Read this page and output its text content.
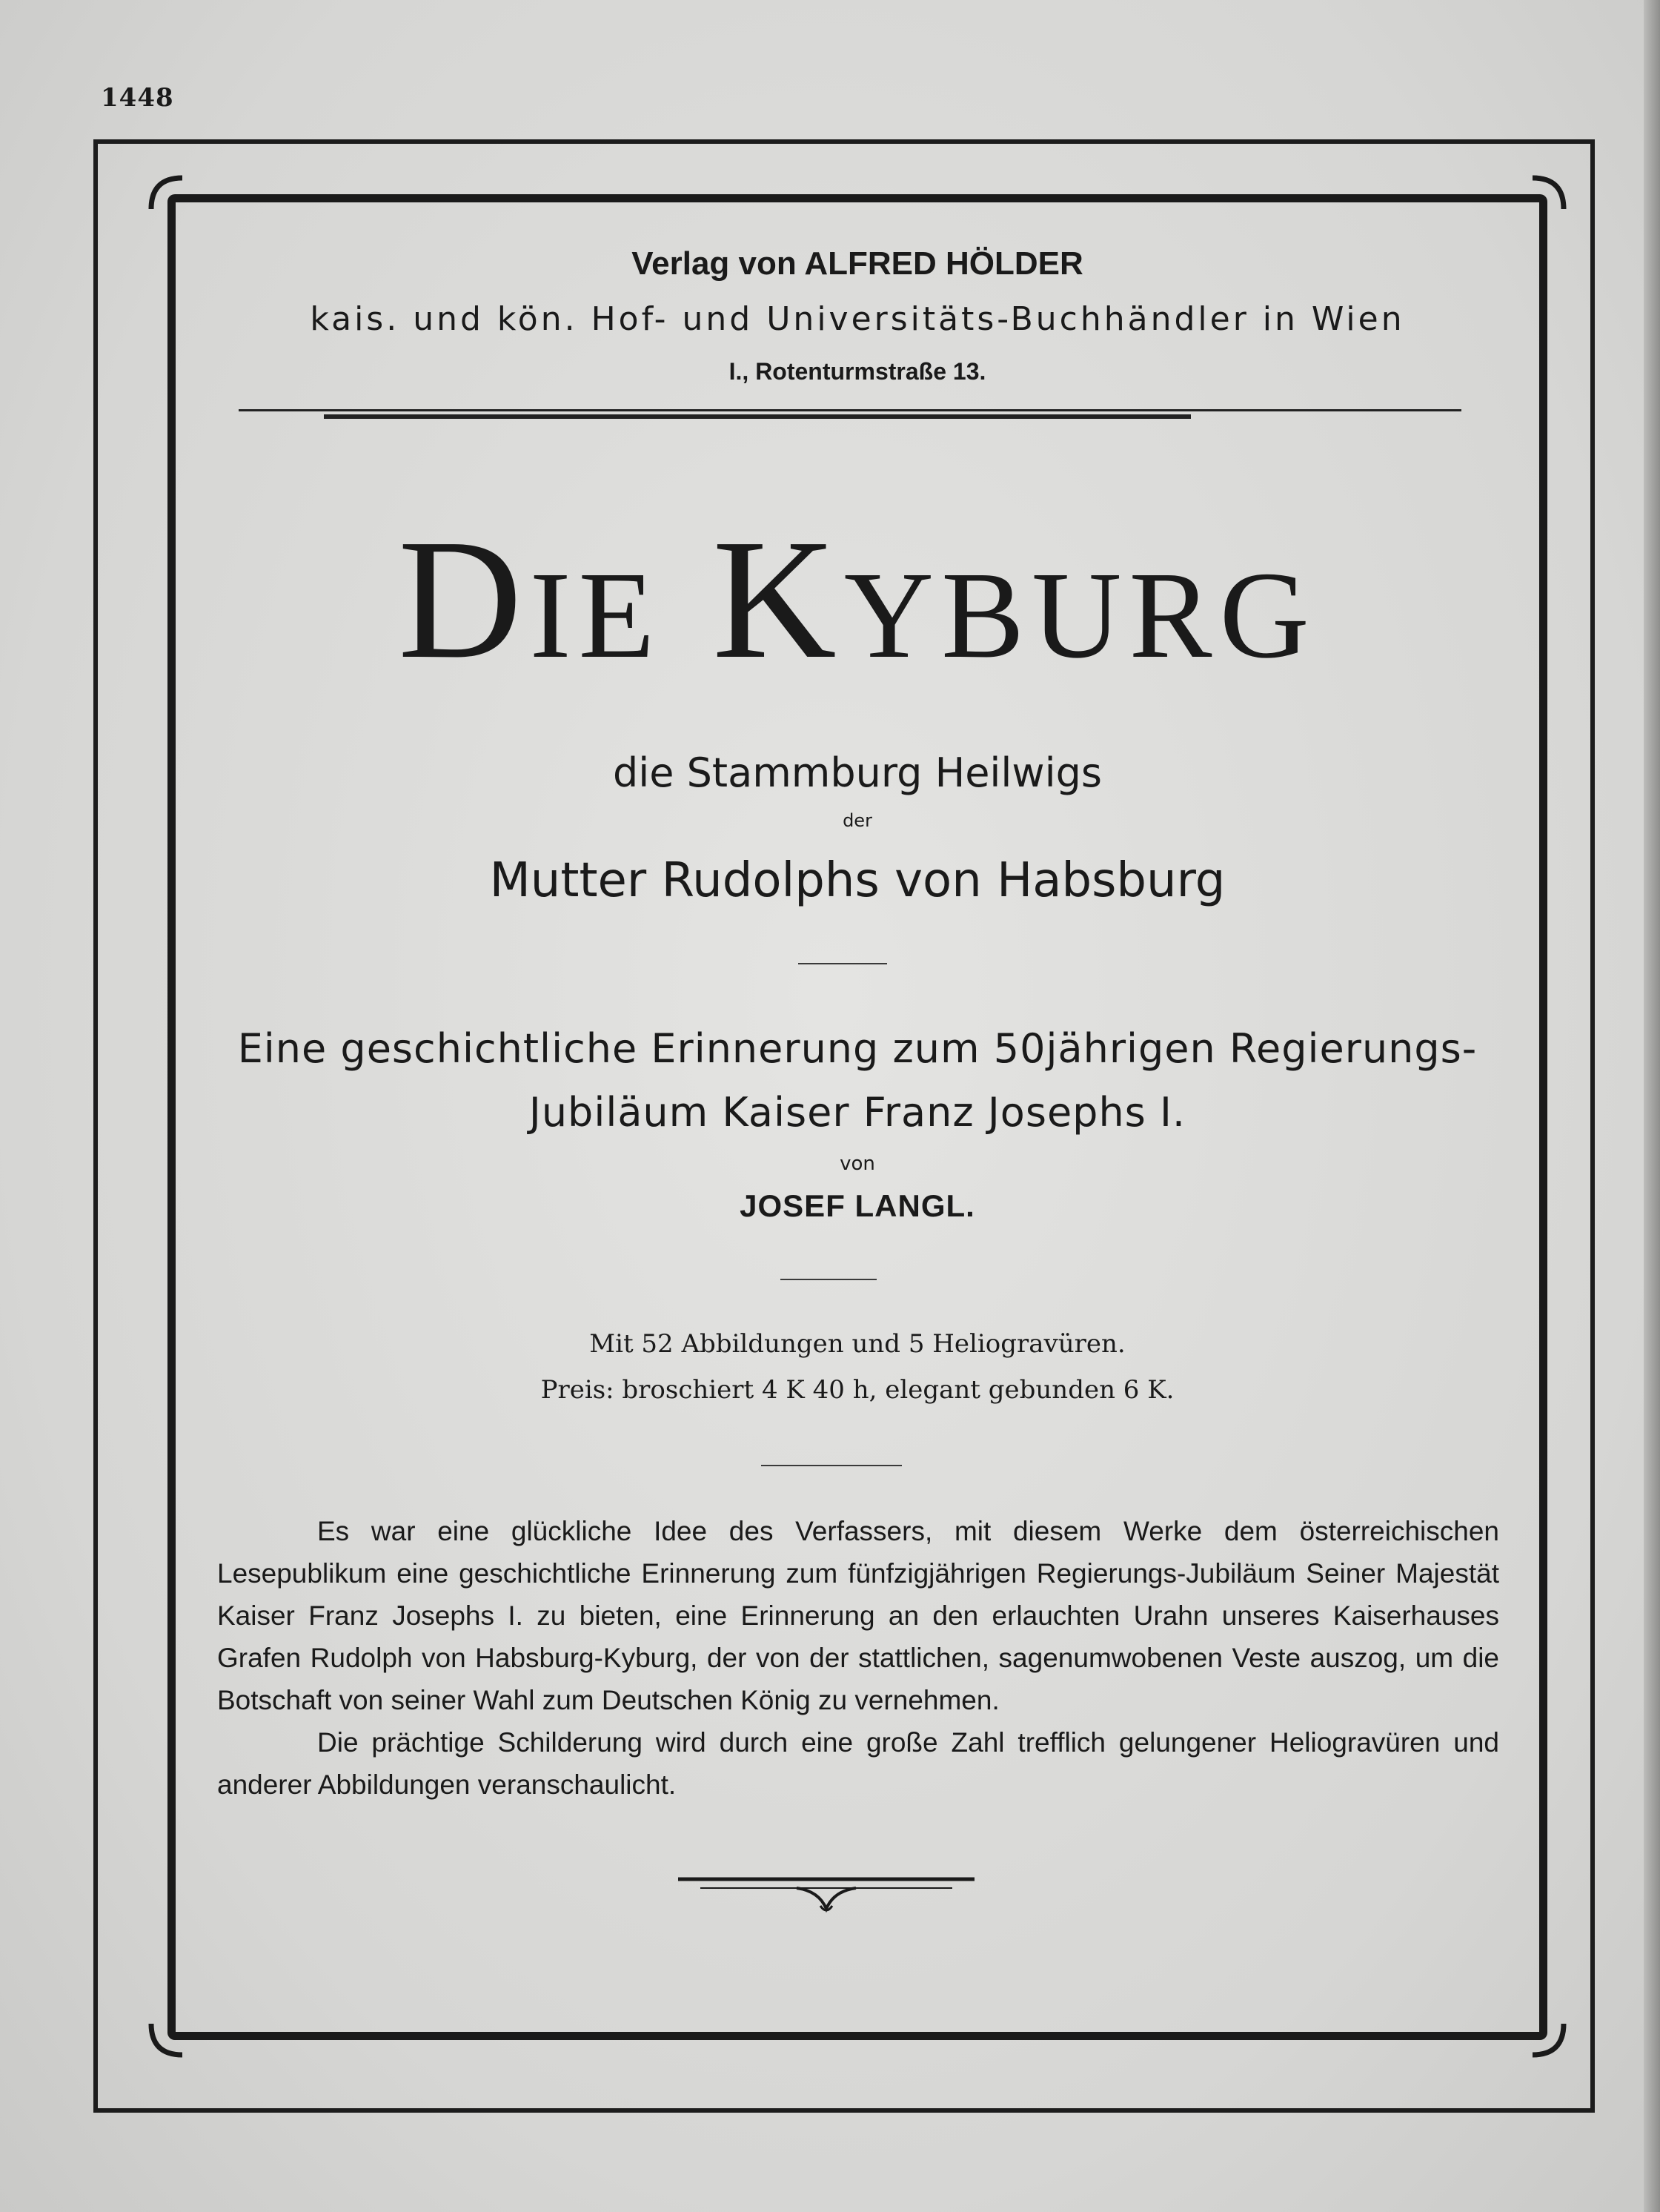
1448
Verlag von ALFRED HÖLDER
kais. und kön. Hof- und Universitäts-Buchhändler in Wien
I., Rotenturmstraße 13.
DIE KYBURG
die Stammburg Heilwigs
der
Mutter Rudolphs von Habsburg
Eine geschichtliche Erinnerung zum 50jährigen Regierungs-
Jubiläum Kaiser Franz Josephs I.
von
JOSEF LANGL.
Mit 52 Abbildungen und 5 Heliogravüren.
Preis: broschiert 4 K 40 h, elegant gebunden 6 K.

Es war eine glückliche Idee des Verfassers, mit diesem Werke dem österreichischen Lesepublikum eine geschichtliche Erinnerung zum fünfzigjährigen Regierungs-Jubiläum Seiner Majestät Kaiser Franz Josephs I. zu bieten, eine Erinnerung an den erlauchten Urahn unseres Kaiserhauses Grafen Rudolph von Habsburg-Kyburg, der von der stattlichen, sagenumwobenen Veste auszog, um die Botschaft von seiner Wahl zum Deutschen König zu vernehmen.

Die prächtige Schilderung wird durch eine große Zahl trefflich gelungener Heliogravüren und anderer Abbildungen veranschaulicht.
